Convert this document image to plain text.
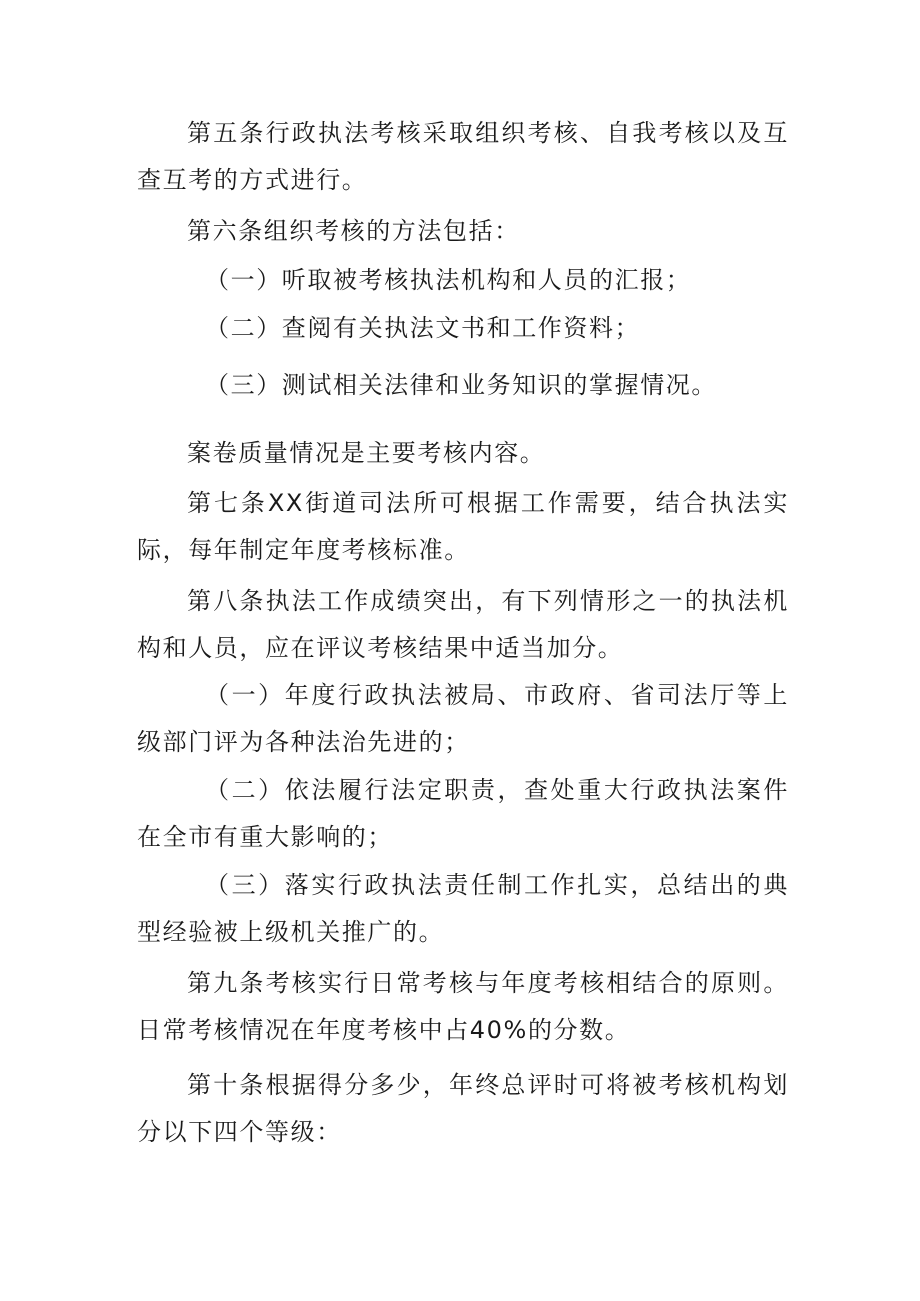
第五条行政执法考核采取组织考核、自我考核以及互查互考的方式进行。

第六条组织考核的方法包括：

（一）听取被考核执法机构和人员的汇报；

（二）查阅有关执法文书和工作资料；

（三）测试相关法律和业务知识的掌握情况。

案卷质量情况是主要考核内容。

第七条XX街道司法所可根据工作需要，结合执法实际，每年制定年度考核标准。

第八条执法工作成绩突出，有下列情形之一的执法机构和人员，应在评议考核结果中适当加分。

（一）年度行政执法被局、市政府、省司法厅等上级部门评为各种法治先进的；

（二）依法履行法定职责，查处重大行政执法案件在全市有重大影响的；

（三）落实行政执法责任制工作扎实，总结出的典型经验被上级机关推广的。

第九条考核实行日常考核与年度考核相结合的原则。日常考核情况在年度考核中占40%的分数。

第十条根据得分多少，年终总评时可将被考核机构划分以下四个等级：
